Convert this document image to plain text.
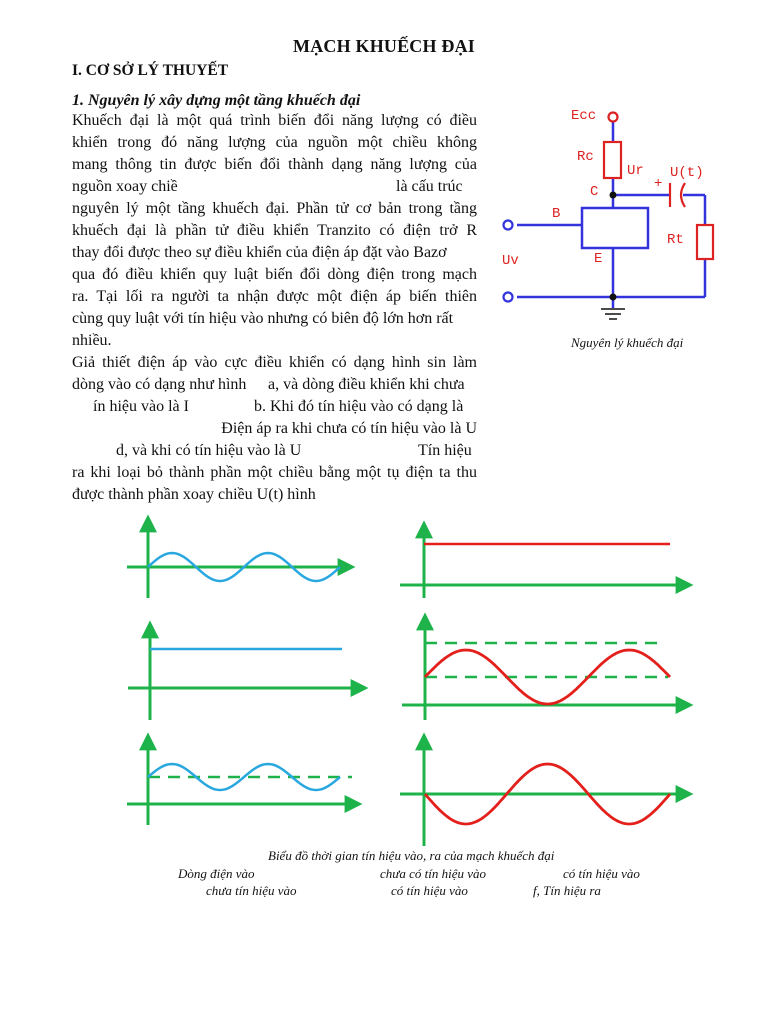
MẠCH KHUẾCH ĐẠI
I. CƠ SỞ LÝ THUYẾT
1. Nguyên lý xây dựng một tầng khuếch đại
Khuếch đại là một quá trình biến đổi năng lượng có điều
khiển trong đó năng lượng của nguồn một chiều không
mang thông tin được biến đổi thành dạng năng lượng của
nguồn xoay chiề	là cấu trúc
nguyên lý một tầng khuếch đại. Phần tử cơ bản trong tầng
khuếch đại là phần tử điều khiển Tranzito có điện trở R
thay đổi được theo sự điều khiển của điện áp đặt vào Bazơ
qua đó điều khiển quy luật biến đổi dòng điện trong mạch
ra. Tại lối ra người ta nhận được một điện áp biến thiên
cùng quy luật với tín hiệu vào nhưng có biên độ lớn hơn rất
nhiều.
Giả thiết điện áp vào cực điều khiển có dạng hình sin làm
dòng vào có dạng như hình	a, và dòng điều khiển khi chưa
ín hiệu vào là I	b. Khi đó tín hiệu vào có dạng là
Điện áp ra khi chưa có tín hiệu vào là U
d, và khi có tín hiệu vào là U	Tín hiệu
ra khi loại bỏ thành phần một chiều bằng một tụ điện ta thu
được thành phần xoay chiều U(t) hình
Ecc
Rc
Ur U(t)
+
C
B
Rt
Uv	E
Nguyên lý khuếch đại
Biểu đồ thời gian tín hiệu vào, ra của mạch khuếch đại
Dòng điện vào	chưa có tín hiệu vào	có tín hiệu vào
chưa tín hiệu vào	có tín hiệu vào	f, Tín hiệu ra
